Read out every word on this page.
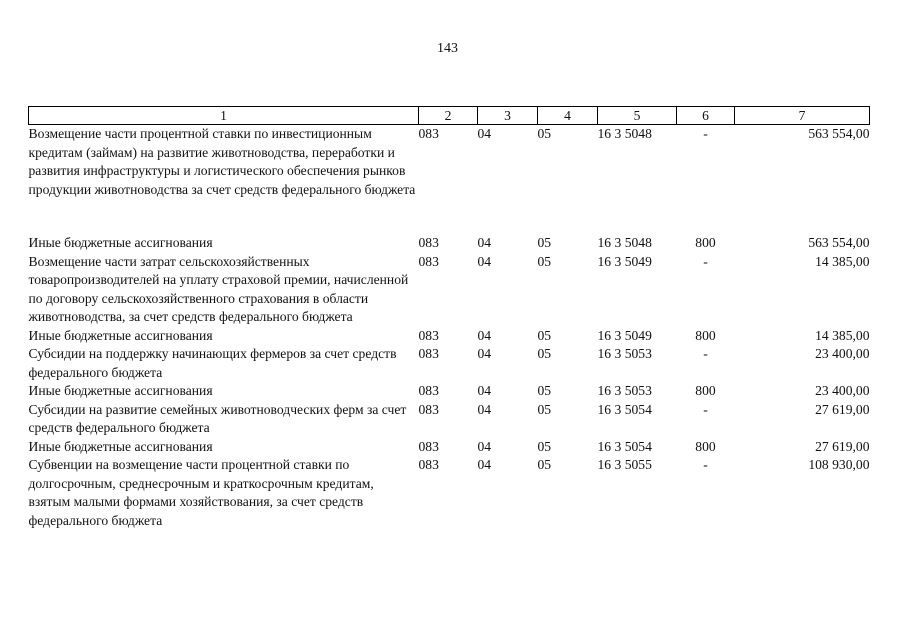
143
1	2	3	4	5	6	7
Возмещение части процентной ставки по инвестиционным кредитам (займам) на развитие животноводства, переработки и развития инфраструктуры и логистического обеспечения рынков продукции животноводства за счет средств федерального бюджета	083	04	05	16 3 5048	-	563 554,00

Иные бюджетные ассигнования	083	04	05	16 3 5048	800	563 554,00
Возмещение части затрат сельскохозяйственных товаропроизводителей на уплату страховой премии, начисленной по договору сельскохозяйственного страхования в области животноводства, за счет средств федерального бюджета	083	04	05	16 3 5049	-	14 385,00
Иные бюджетные ассигнования	083	04	05	16 3 5049	800	14 385,00
Субсидии на поддержку начинающих фермеров за счет средств федерального бюджета	083	04	05	16 3 5053	-	23 400,00
Иные бюджетные ассигнования	083	04	05	16 3 5053	800	23 400,00
Субсидии на развитие семейных животноводческих ферм за счет средств федерального бюджета	083	04	05	16 3 5054	-	27 619,00
Иные бюджетные ассигнования	083	04	05	16 3 5054	800	27 619,00
Субвенции на возмещение части процентной ставки по долгосрочным, среднесрочным и краткосрочным кредитам, взятым малыми формами хозяйствования, за счет средств федерального бюджета	083	04	05	16 3 5055	-	108 930,00
